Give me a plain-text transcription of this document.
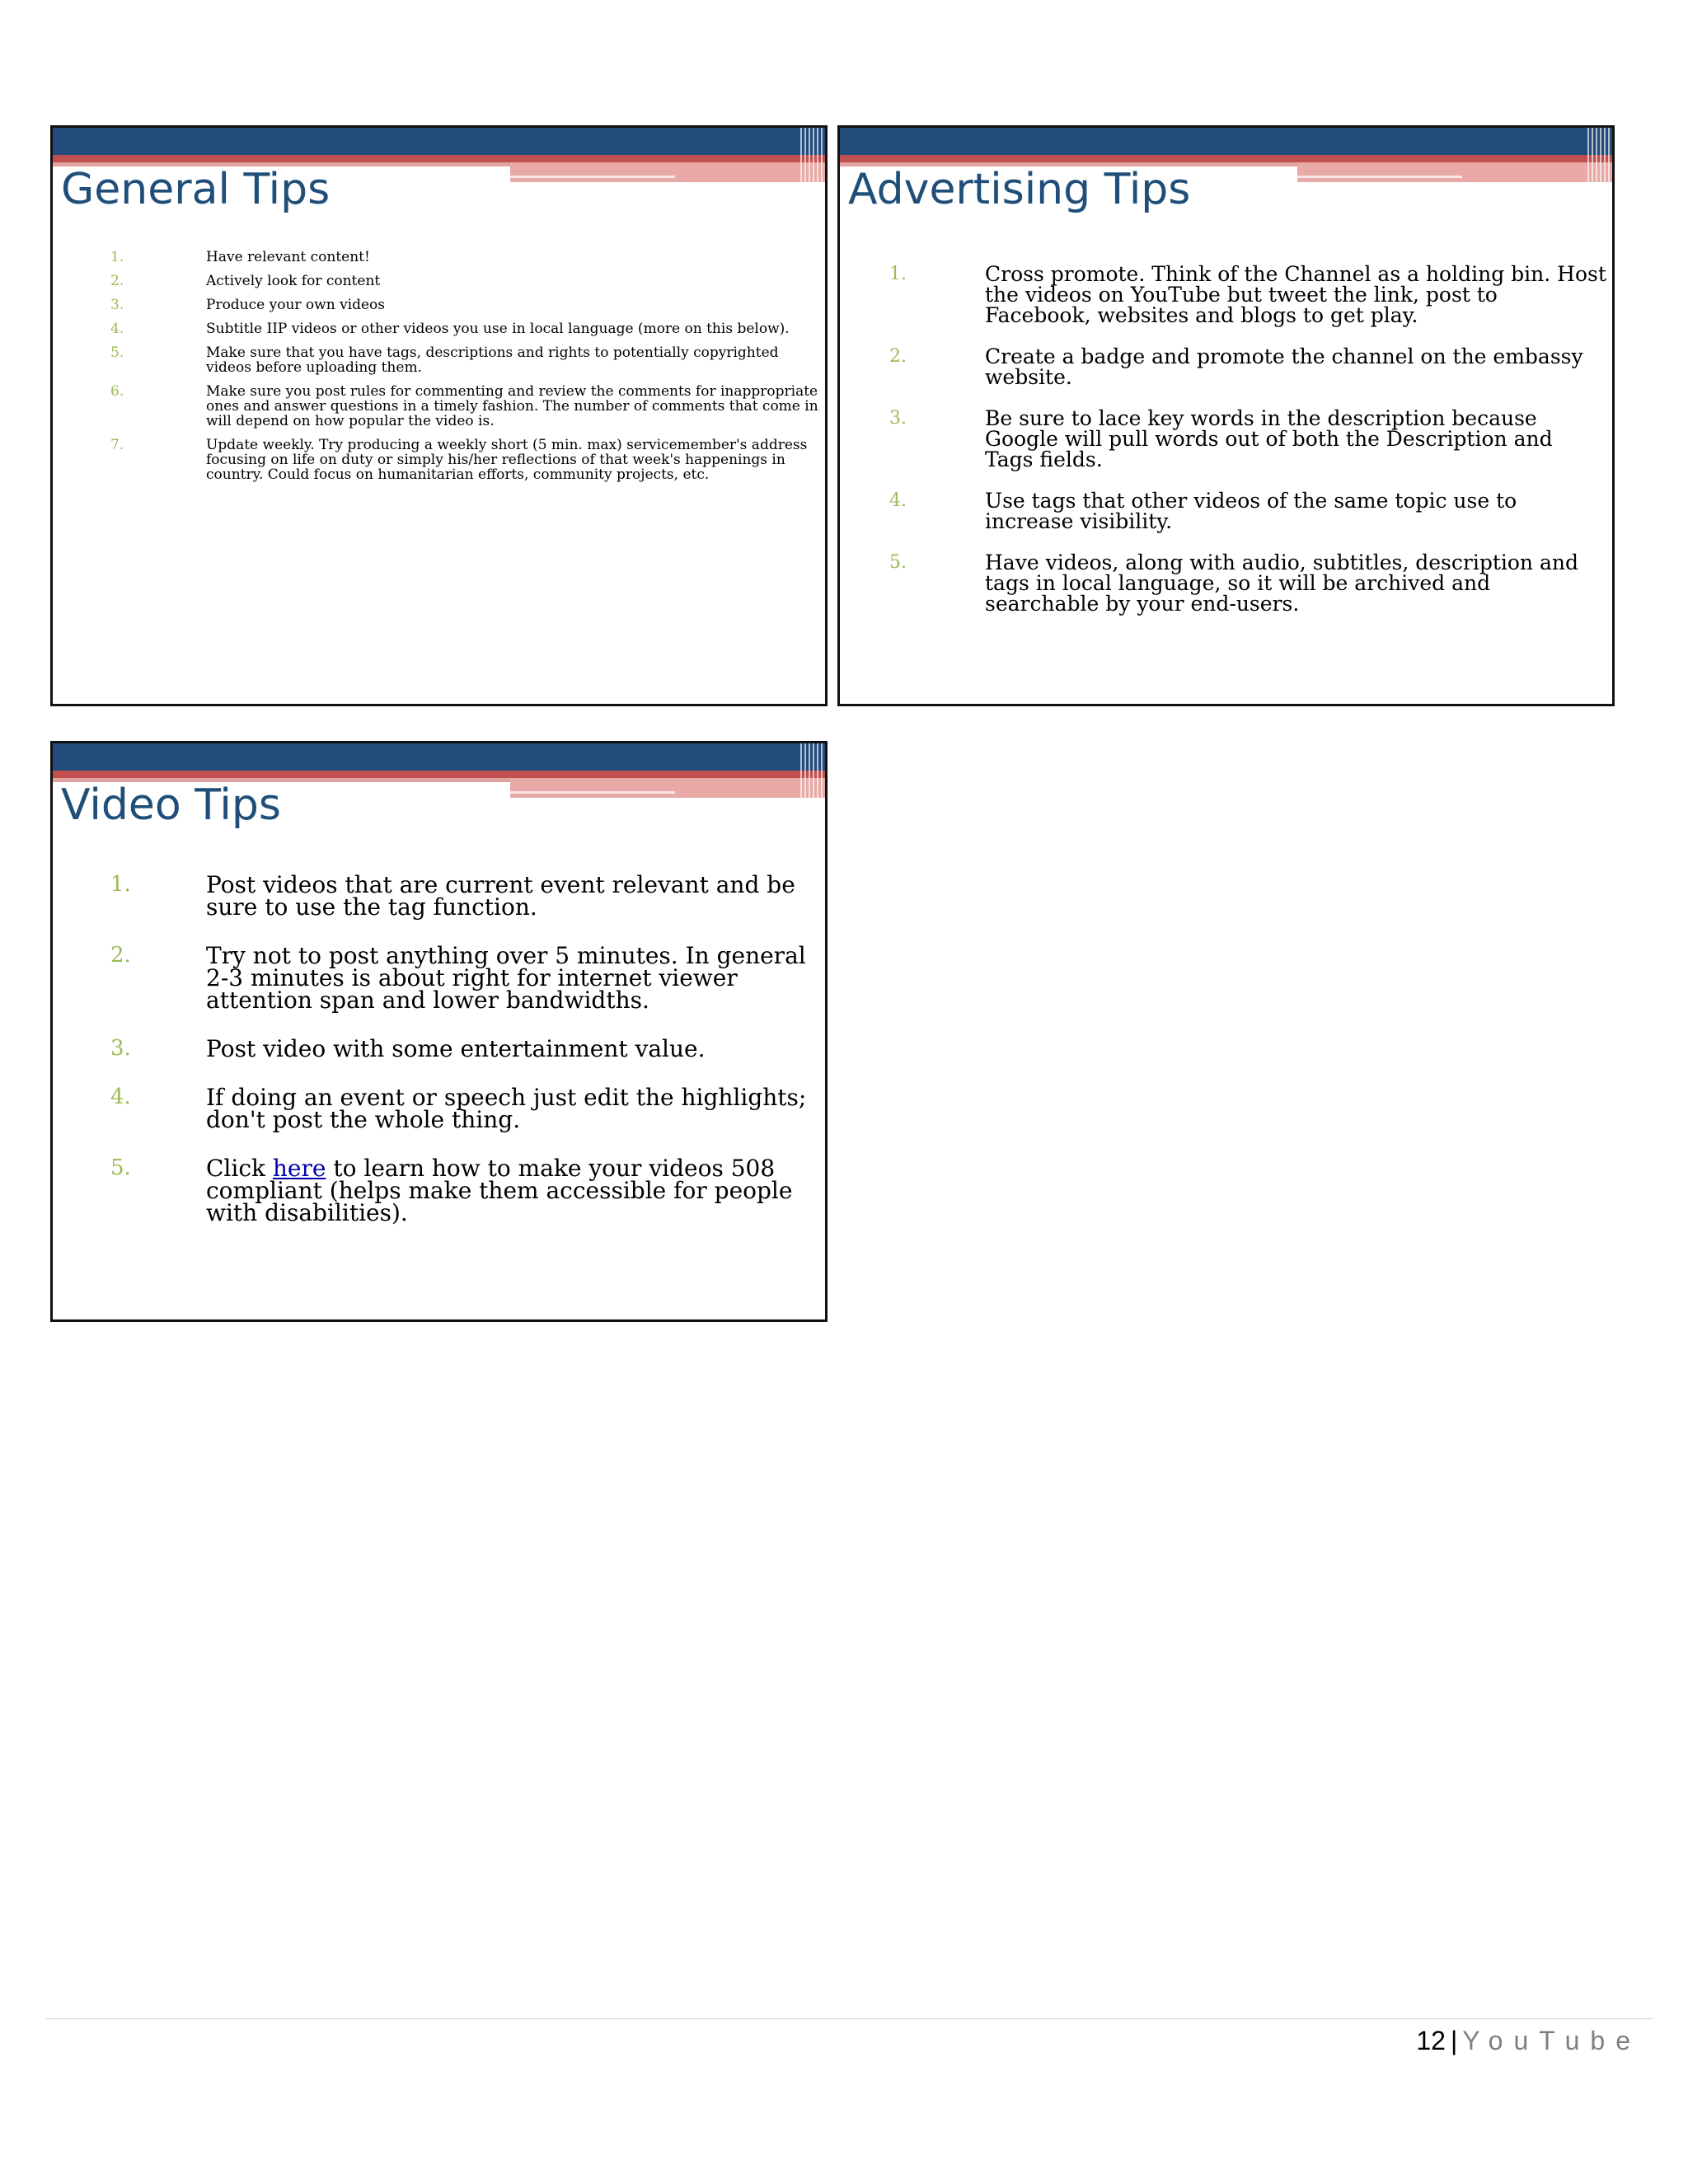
General Tips
1.	Have relevant content!
2.	Actively look for content
3.	Produce your own videos
4.	Subtitle IIP videos or other videos you use in local language (more on this below).
5.	Make sure that you have tags, descriptions and rights to potentially copyrighted videos before uploading them.
6.	Make sure you post rules for commenting and review the comments for inappropriate ones and answer questions in a timely fashion. The number of comments that come in will depend on how popular the video is.
7.	Update weekly. Try producing a weekly short (5 min. max) servicemember's address focusing on life on duty or simply his/her reflections of that week's happenings in country. Could focus on humanitarian efforts, community projects, etc.
Advertising Tips
1.	Cross promote. Think of the Channel as a holding bin. Host the videos on YouTube but tweet the link, post to Facebook, websites and blogs to get play.
2.	Create a badge and promote the channel on the embassy website.
3.	Be sure to lace key words in the description because Google will pull words out of both the Description and Tags fields.
4.	Use tags that other videos of the same topic use to increase visibility.
5.	Have videos, along with audio, subtitles, description and tags in local language, so it will be archived and searchable by your end-users.
Video Tips
1.	Post videos that are current event relevant and be sure to use the tag function.
2.	Try not to post anything over 5 minutes. In general 2-3 minutes is about right for internet viewer attention span and lower bandwidths.
3.	Post video with some entertainment value.
4.	If doing an event or speech just edit the highlights; don't post the whole thing.
5.	Click here to learn how to make your videos 508 compliant (helps make them accessible for people with disabilities).
12 | YouTube
